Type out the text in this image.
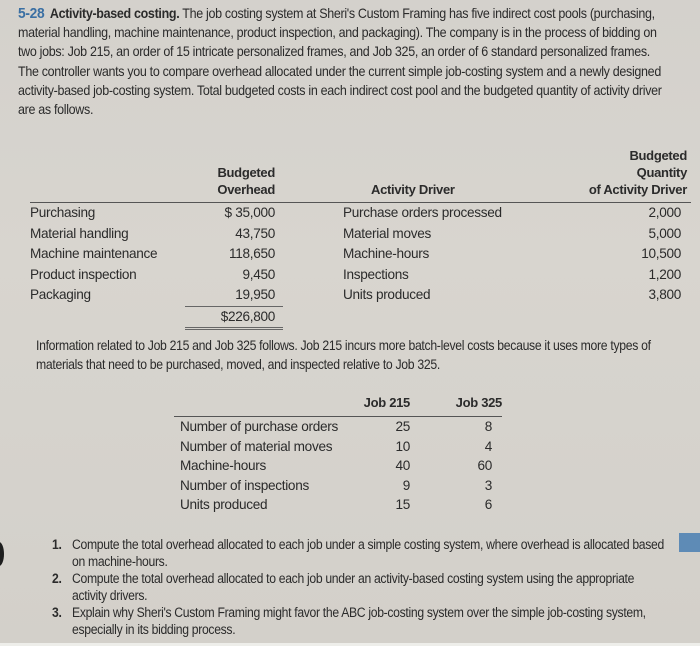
5-28 Activity-based costing. The job costing system at Sheri's Custom Framing has five indirect cost pools (purchasing, material handling, machine maintenance, product inspection, and packaging). The company is in the process of bidding on two jobs: Job 215, an order of 15 intricate personalized frames, and Job 325, an order of 6 standard personalized frames. The controller wants you to compare overhead allocated under the current simple job-costing system and a newly designed activity-based job-costing system. Total budgeted costs in each indirect cost pool and the budgeted quantity of activity driver are as follows.
	Budgeted Overhead	Activity Driver	Budgeted Quantity
of Activity Driver
Purchasing	$ 35,000	Purchase orders processed	2,000
Material handling	43,750	Material moves	5,000
Machine maintenance	118,650	Machine-hours	10,500
Product inspection	9,450	Inspections	1,200
Packaging	19,950	Units produced	3,800
	$226,800		
Information related to Job 215 and Job 325 follows. Job 215 incurs more batch-level costs because it uses more types of materials that need to be purchased, moved, and inspected relative to Job 325.
	Job 215	Job 325
Number of purchase orders	25	8
Number of material moves	10	4
Machine-hours	40	60
Number of inspections	9	3
Units produced	15	6
1. Compute the total overhead allocated to each job under a simple costing system, where overhead is allocated based on machine-hours.
2. Compute the total overhead allocated to each job under an activity-based costing system using the appropriate activity drivers.
3. Explain why Sheri's Custom Framing might favor the ABC job-costing system over the simple job-costing system, especially in its bidding process.
